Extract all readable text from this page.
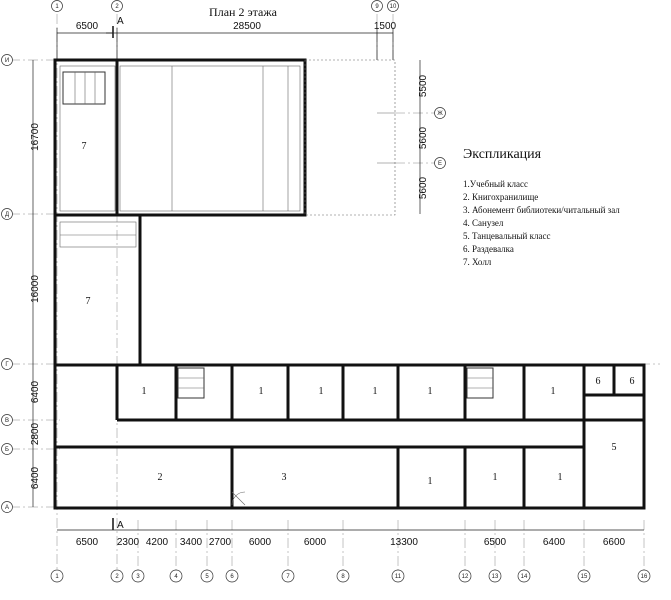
План 2 этажа
А
А
6500	28500	1500
6500 2300 4200 3400 2700 6000	6000	13300	6500	6400	6600
16700
16000
6400
2800
6400
5500
5600
5600
7
7
1	1	1	1	1	1
6	6
2	3
5
1	1	1
1	2	3	4	5	6	7	8	11	12	13	14	15	16
1	2	9 10
И
Д
Г
В
Б
А
Ж
Е
Экспликация
1.Учебный класс
2. Книгохранилище
3. Абонемент библиотеки/читальный зал
4. Санузел
5. Танцевальный класс
6. Раздевалка
7. Холл
